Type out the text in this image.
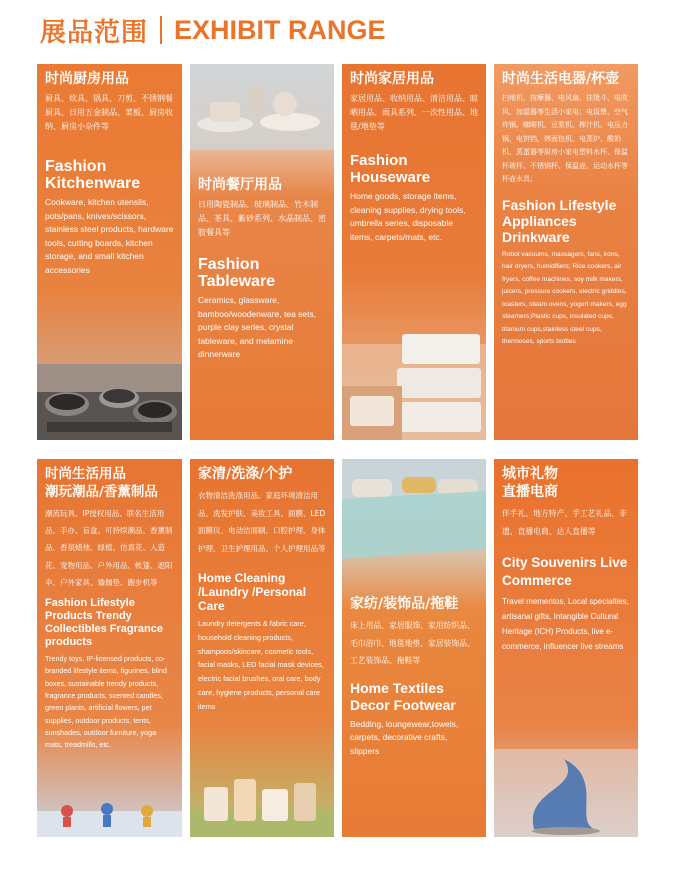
展品范围 EXHIBIT RANGE
时尚厨房用品
厨具、炊具、锅具、刀剪、不锈钢餐厨具、日用五金制品、菜板、厨房收纳、厨房小杂件等
Fashion Kitchenware
Cookware, kitchen utensils, pots/pans, knives/scissors, stainless steel products, hardware tools, cutting boards, kitchen storage, and small kitchen accessories
时尚餐厅用品
日用陶瓷制品、玻璃制品、竹木制品、茶具、紫砂系列、水晶制品、密胺餐具等
Fashion Tableware
Ceramics, glassware, bamboo/woodenware, tea sets, purple clay series, crystal tableware, and melamine dinnerware
时尚家居用品
家居用品、收纳用品、清洁用品、晾晒用品、雨具系列、一次性用品、地毯/地垫等
Fashion Houseware
Home goods, storage items, cleaning supplies, drying tools, umbrella series, disposable items, carpets/mats, etc.
时尚生活电器/杯壶
扫地机、按摩器、电风扇、挂烫斗、电吹风、加湿器等生活小家电；电饭煲、空气炸锅、咖啡机、豆浆机、榨汁机、电压力锅、电饼铛、烤面包机、电蒸炉、酸奶机、蒸蛋器等厨房小家电塑料水杯、保温杯玻杯、不锈钢杯、保温壶、运动水杯等杯壶水具；
Fashion Lifestyle Appliances Drinkware
Robot vacuums, massagers, fans, irons, hair dryers, humidifiers; Rice cookers, air fryers, coffee machines, soy milk makers, juicers, pressure cookers, electric griddles, toasters, steam ovens, yogurt makers, egg steamers;Plastic cups, insulated cups, titanium cups,stainless steel cups, thermoses, sports bottles
时尚生活用品
潮玩潮品/香薰制品
潮流玩具、IP授权用品、联名生活用品、手办、盲盒、可持续潮品、香薰制品、香氛蜡烛、绿植、仿真花、人造花、宠物用品、户外用品、帐篷、遮阳伞、户外家具、瑜伽垫、跑步机等
Fashion Lifestyle Products Trendy Collectibles Fragrance products
Trendy toys, IP-licensed products, co-branded lifestyle items, figurines, blind boxes, sustainable trendy products, fragrance products, scented candles, green plants, artificial flowers, pet supplies, outdoor products, tents, sunshades, outdoor furniture, yoga mats, treadmills, etc.
家清/洗涤/个护
衣物清洁洗涤用品、家庭环境清洁用品、洗发护肤、美妆工具、面膜、LED面膜仪、电动洁面刷、口腔护理、身体护理、卫生护理用品、个人护理用品等
Home Cleaning /Laundry /Personal Care
Laundry detergents & fabric care, household cleaning products, shampoos/skincare, cosmetic tools, facial masks, LED facial mask devices, electric facial brushes, oral care, body care, hygiene products, personal care items
家纺/装饰品/拖鞋
床上用品、家居服饰、家用纺织品、毛巾浴巾、地毯地垫、家居装饰品、工艺装饰品、拖鞋等
Home Textiles Decor Footwear
Bedding, loungewear,towels, carpets, decorative crafts, slippers
城市礼物
直播电商
伴手礼、地方特产、手工艺礼品、非遗、直播电商、达人直播等
City Souvenirs Live Commerce
Travel mementos, Local specialties, artisanal gifts, Intangible Cultural Heritage (ICH) Products, live e-commerce, influencer live streams
